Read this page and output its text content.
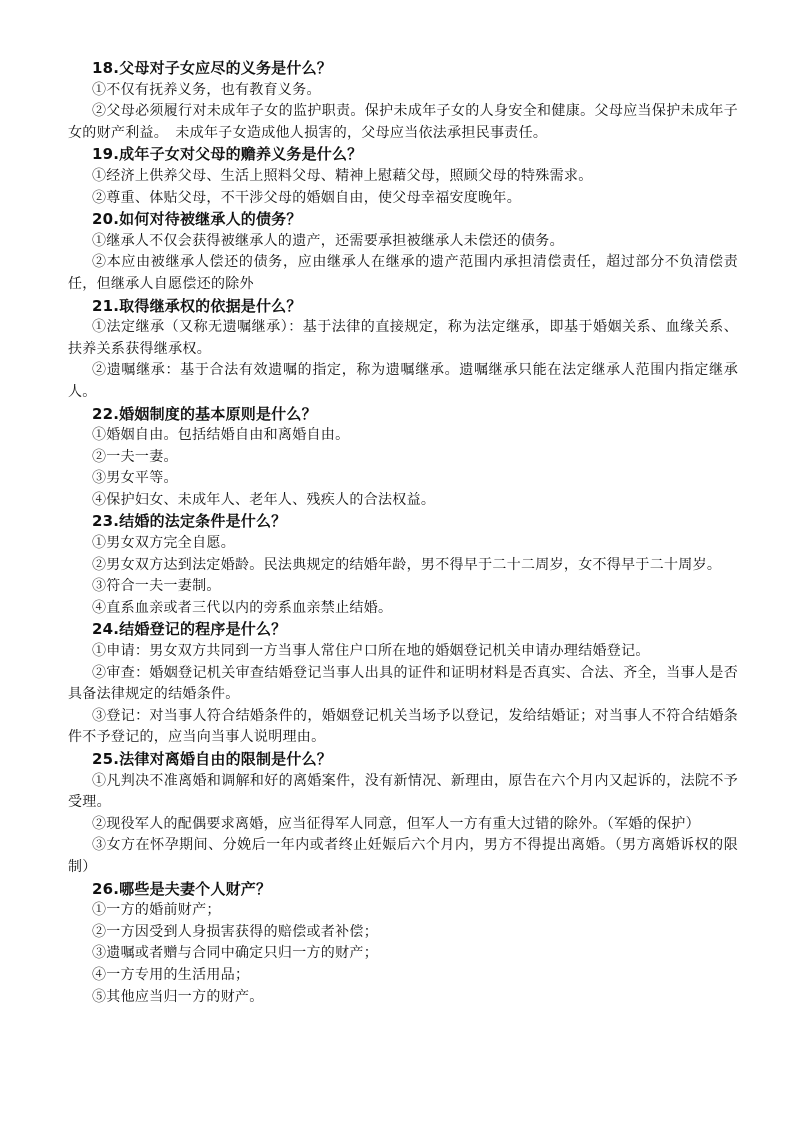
18.父母对子女应尽的义务是什么？

①不仅有抚养义务，也有教育义务。

②父母必须履行对未成年子女的监护职责。保护未成年子女的人身安全和健康。父母应当保护未成年子女的财产利益。　未成年子女造成他人损害的，父母应当依法承担民事责任。

19.成年子女对父母的赡养义务是什么？

①经济上供养父母、生活上照料父母、精神上慰藉父母，照顾父母的特殊需求。

②尊重、体贴父母，不干涉父母的婚姻自由，使父母幸福安度晚年。

20.如何对待被继承人的债务？

①继承人不仅会获得被继承人的遗产，还需要承担被继承人未偿还的债务。

②本应由被继承人偿还的债务，应由继承人在继承的遗产范围内承担清偿责任，超过部分不负清偿责任，但继承人自愿偿还的除外

21.取得继承权的依据是什么？

①法定继承（又称无遗嘱继承）：基于法律的直接规定，称为法定继承，即基于婚姻关系、血缘关系、扶养关系获得继承权。

②遗嘱继承：基于合法有效遗嘱的指定，称为遗嘱继承。遗嘱继承只能在法定继承人范围内指定继承人。

22.婚姻制度的基本原则是什么？

①婚姻自由。包括结婚自由和离婚自由。

②一夫一妻。

③男女平等。

④保护妇女、未成年人、老年人、残疾人的合法权益。

23.结婚的法定条件是什么？

①男女双方完全自愿。

②男女双方达到法定婚龄。民法典规定的结婚年龄，男不得早于二十二周岁，女不得早于二十周岁。

③符合一夫一妻制。

④直系血亲或者三代以内的旁系血亲禁止结婚。

24.结婚登记的程序是什么？

①申请：男女双方共同到一方当事人常住户口所在地的婚姻登记机关申请办理结婚登记。

②审查：婚姻登记机关审查结婚登记当事人出具的证件和证明材料是否真实、合法、齐全，当事人是否具备法律规定的结婚条件。

③登记：对当事人符合结婚条件的，婚姻登记机关当场予以登记，发给结婚证；对当事人不符合结婚条件不予登记的，应当向当事人说明理由。

25.法律对离婚自由的限制是什么？

①凡判决不准离婚和调解和好的离婚案件，没有新情况、新理由，原告在六个月内又起诉的，法院不予受理。

②现役军人的配偶要求离婚，应当征得军人同意，但军人一方有重大过错的除外。（军婚的保护）

③女方在怀孕期间、分娩后一年内或者终止妊娠后六个月内，男方不得提出离婚。（男方离婚诉权的限制）

26.哪些是夫妻个人财产？

①一方的婚前财产；

②一方因受到人身损害获得的赔偿或者补偿；

③遗嘱或者赠与合同中确定只归一方的财产；

④一方专用的生活用品；

⑤其他应当归一方的财产。
